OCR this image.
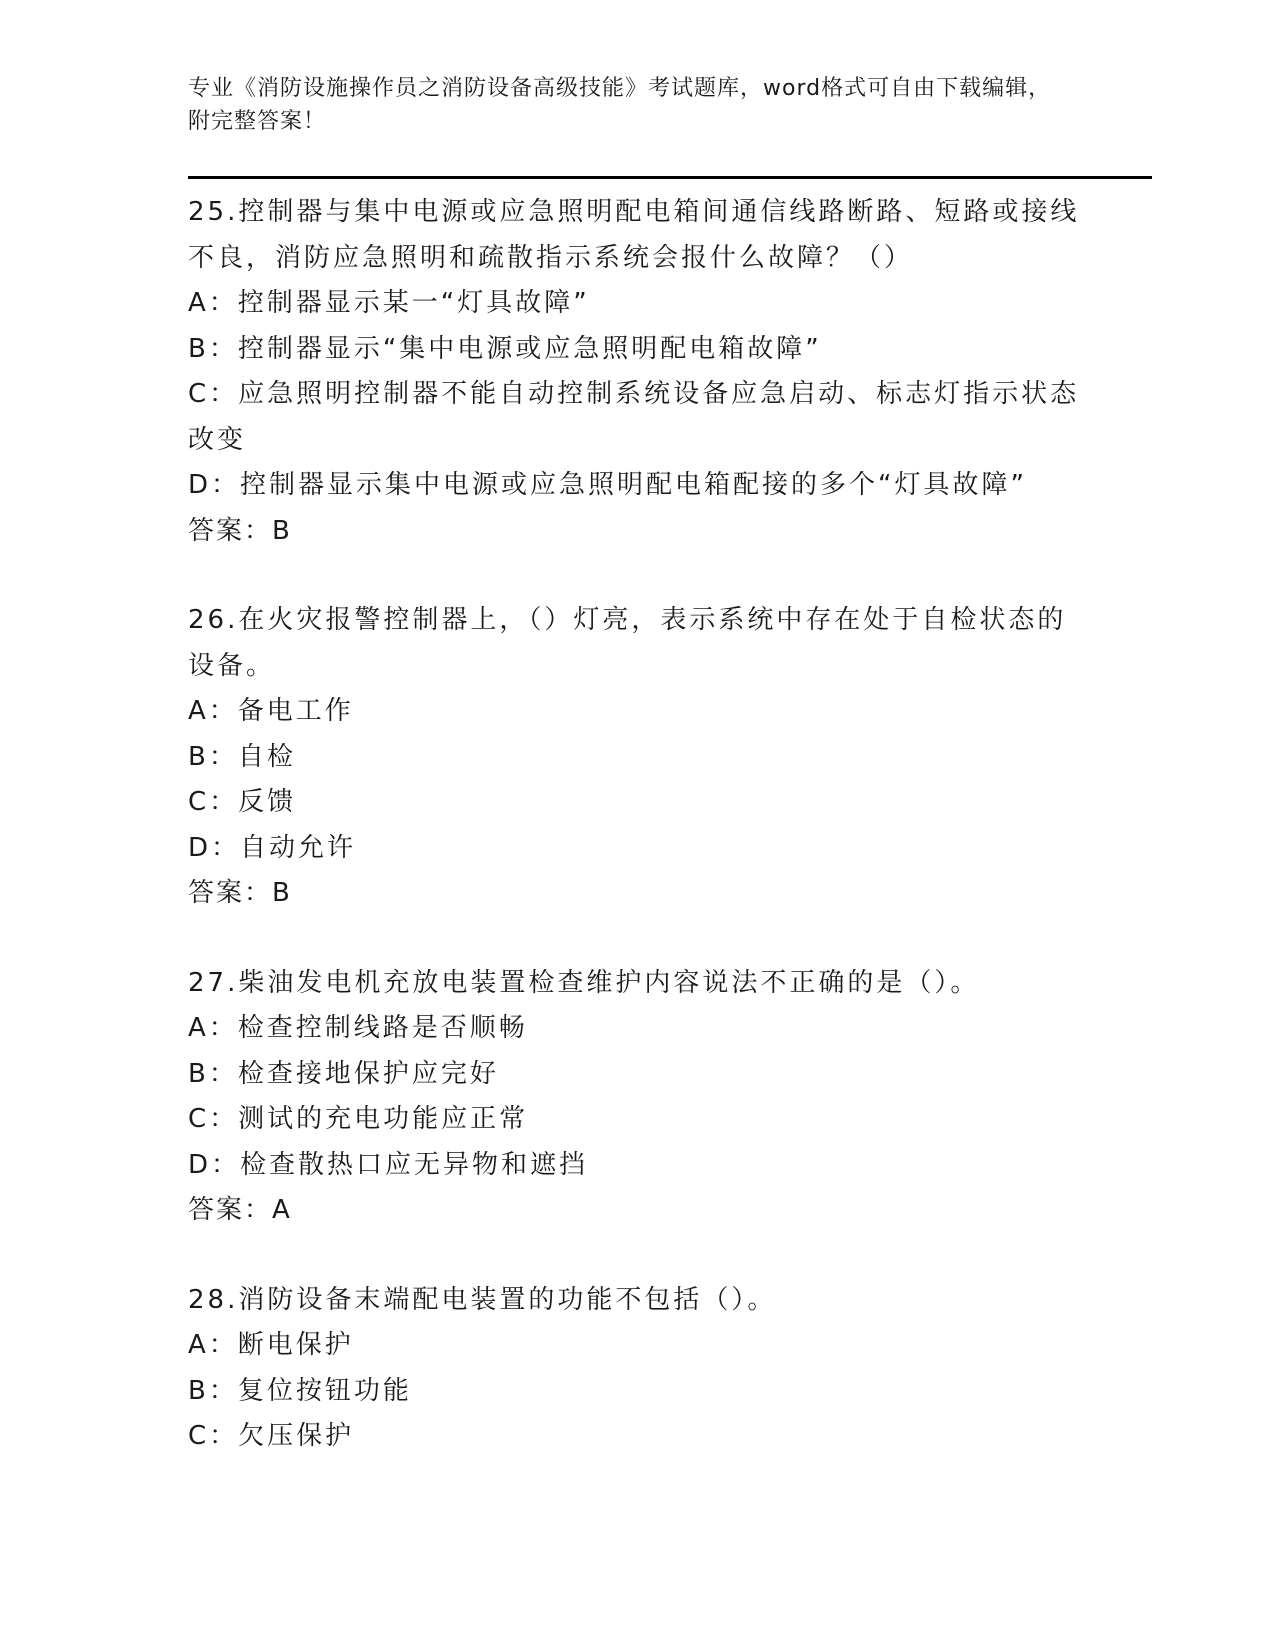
专业《消防设施操作员之消防设备高级技能》考试题库，word格式可自由下载编辑，附完整答案！

25.控制器与集中电源或应急照明配电箱间通信线路断路、短路或接线不良，消防应急照明和疏散指示系统会报什么故障？（）

A：控制器显示某一“灯具故障”

B：控制器显示“集中电源或应急照明配电箱故障”

C：应急照明控制器不能自动控制系统设备应急启动、标志灯指示状态改变

D：控制器显示集中电源或应急照明配电箱配接的多个“灯具故障”

答案：B

26.在火灾报警控制器上，（）灯亮，表示系统中存在处于自检状态的设备。

A：备电工作

B：自检

C：反馈

D：自动允许

答案：B

27.柴油发电机充放电装置检查维护内容说法不正确的是（）。

A：检查控制线路是否顺畅

B：检查接地保护应完好

C：测试的充电功能应正常

D：检查散热口应无异物和遮挡

答案：A

28.消防设备末端配电装置的功能不包括（）。

A：断电保护

B：复位按钮功能

C：欠压保护
